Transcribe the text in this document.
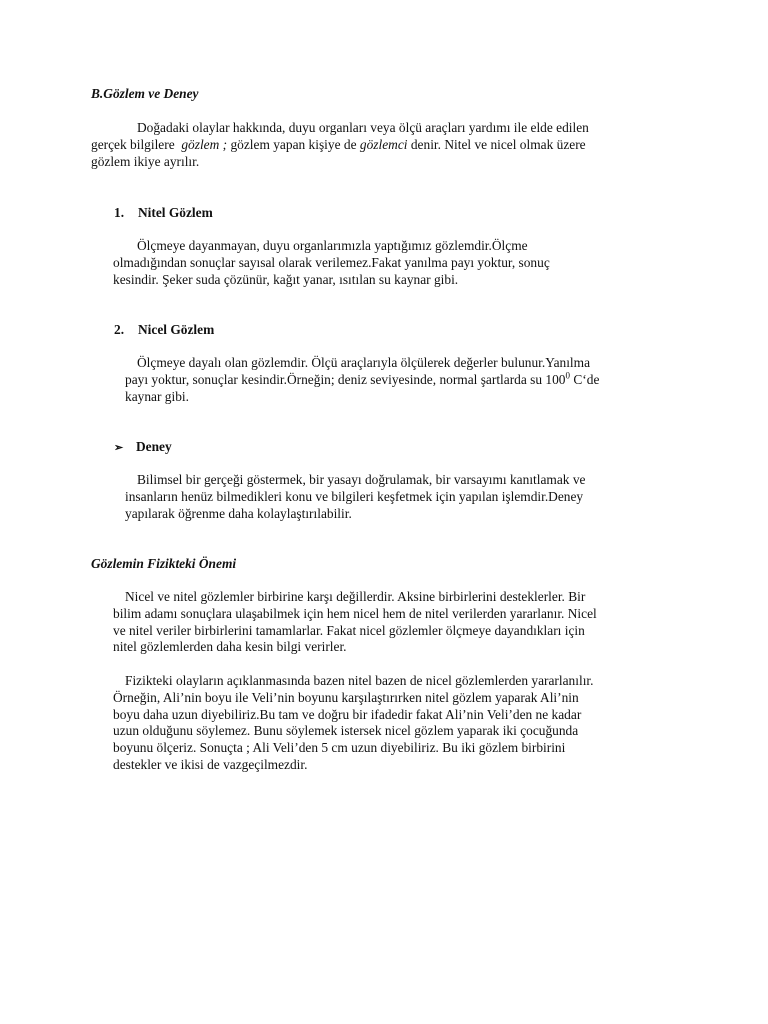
B.Gözlem ve Deney
Doğadaki olaylar hakkında, duyu organları veya ölçü araçları yardımı ile elde edilen
gerçek bilgilere gözlem ; gözlem yapan kişiye de gözlemci denir. Nitel ve nicel olmak üzere
gözlem ikiye ayrılır.
1. Nitel Gözlem
Ölçmeye dayanmayan, duyu organlarımızla yaptığımız gözlemdir.Ölçme
olmadığından sonuçlar sayısal olarak verilemez.Fakat yanılma payı yoktur, sonuç
kesindir. Şeker suda çözünür, kağıt yanar, ısıtılan su kaynar gibi.
2. Nicel Gözlem
Ölçmeye dayalı olan gözlemdir. Ölçü araçlarıyla ölçülerek değerler bulunur.Yanılma
payı yoktur, sonuçlar kesindir.Örneğin; deniz seviyesinde, normal şartlarda su $100^0$ C‘de
kaynar gibi.
➢ Deney
Bilimsel bir gerçeği göstermek, bir yasayı doğrulamak, bir varsayımı kanıtlamak ve
insanların henüz bilmedikleri konu ve bilgileri keşfetmek için yapılan işlemdir.Deney
yapılarak öğrenme daha kolaylaştırılabilir.
Gözlemin Fizikteki Önemi
Nicel ve nitel gözlemler birbirine karşı değillerdir. Aksine birbirlerini desteklerler. Bir
bilim adamı sonuçlara ulaşabilmek için hem nicel hem de nitel verilerden yararlanır. Nicel
ve nitel veriler birbirlerini tamamlarlar. Fakat nicel gözlemler ölçmeye dayandıkları için
nitel gözlemlerden daha kesin bilgi verirler.
Fizikteki olayların açıklanmasında bazen nitel bazen de nicel gözlemlerden yararlanılır.
Örneğin, Ali’nin boyu ile Veli’nin boyunu karşılaştırırken nitel gözlem yaparak Ali’nin
boyu daha uzun diyebiliriz.Bu tam ve doğru bir ifadedir fakat Ali’nin Veli’den ne kadar
uzun olduğunu söylemez. Bunu söylemek istersek nicel gözlem yaparak iki çocuğunda
boyunu ölçeriz. Sonuçta ; Ali Veli’den 5 cm uzun diyebiliriz. Bu iki gözlem birbirini
destekler ve ikisi de vazgeçilmezdir.
